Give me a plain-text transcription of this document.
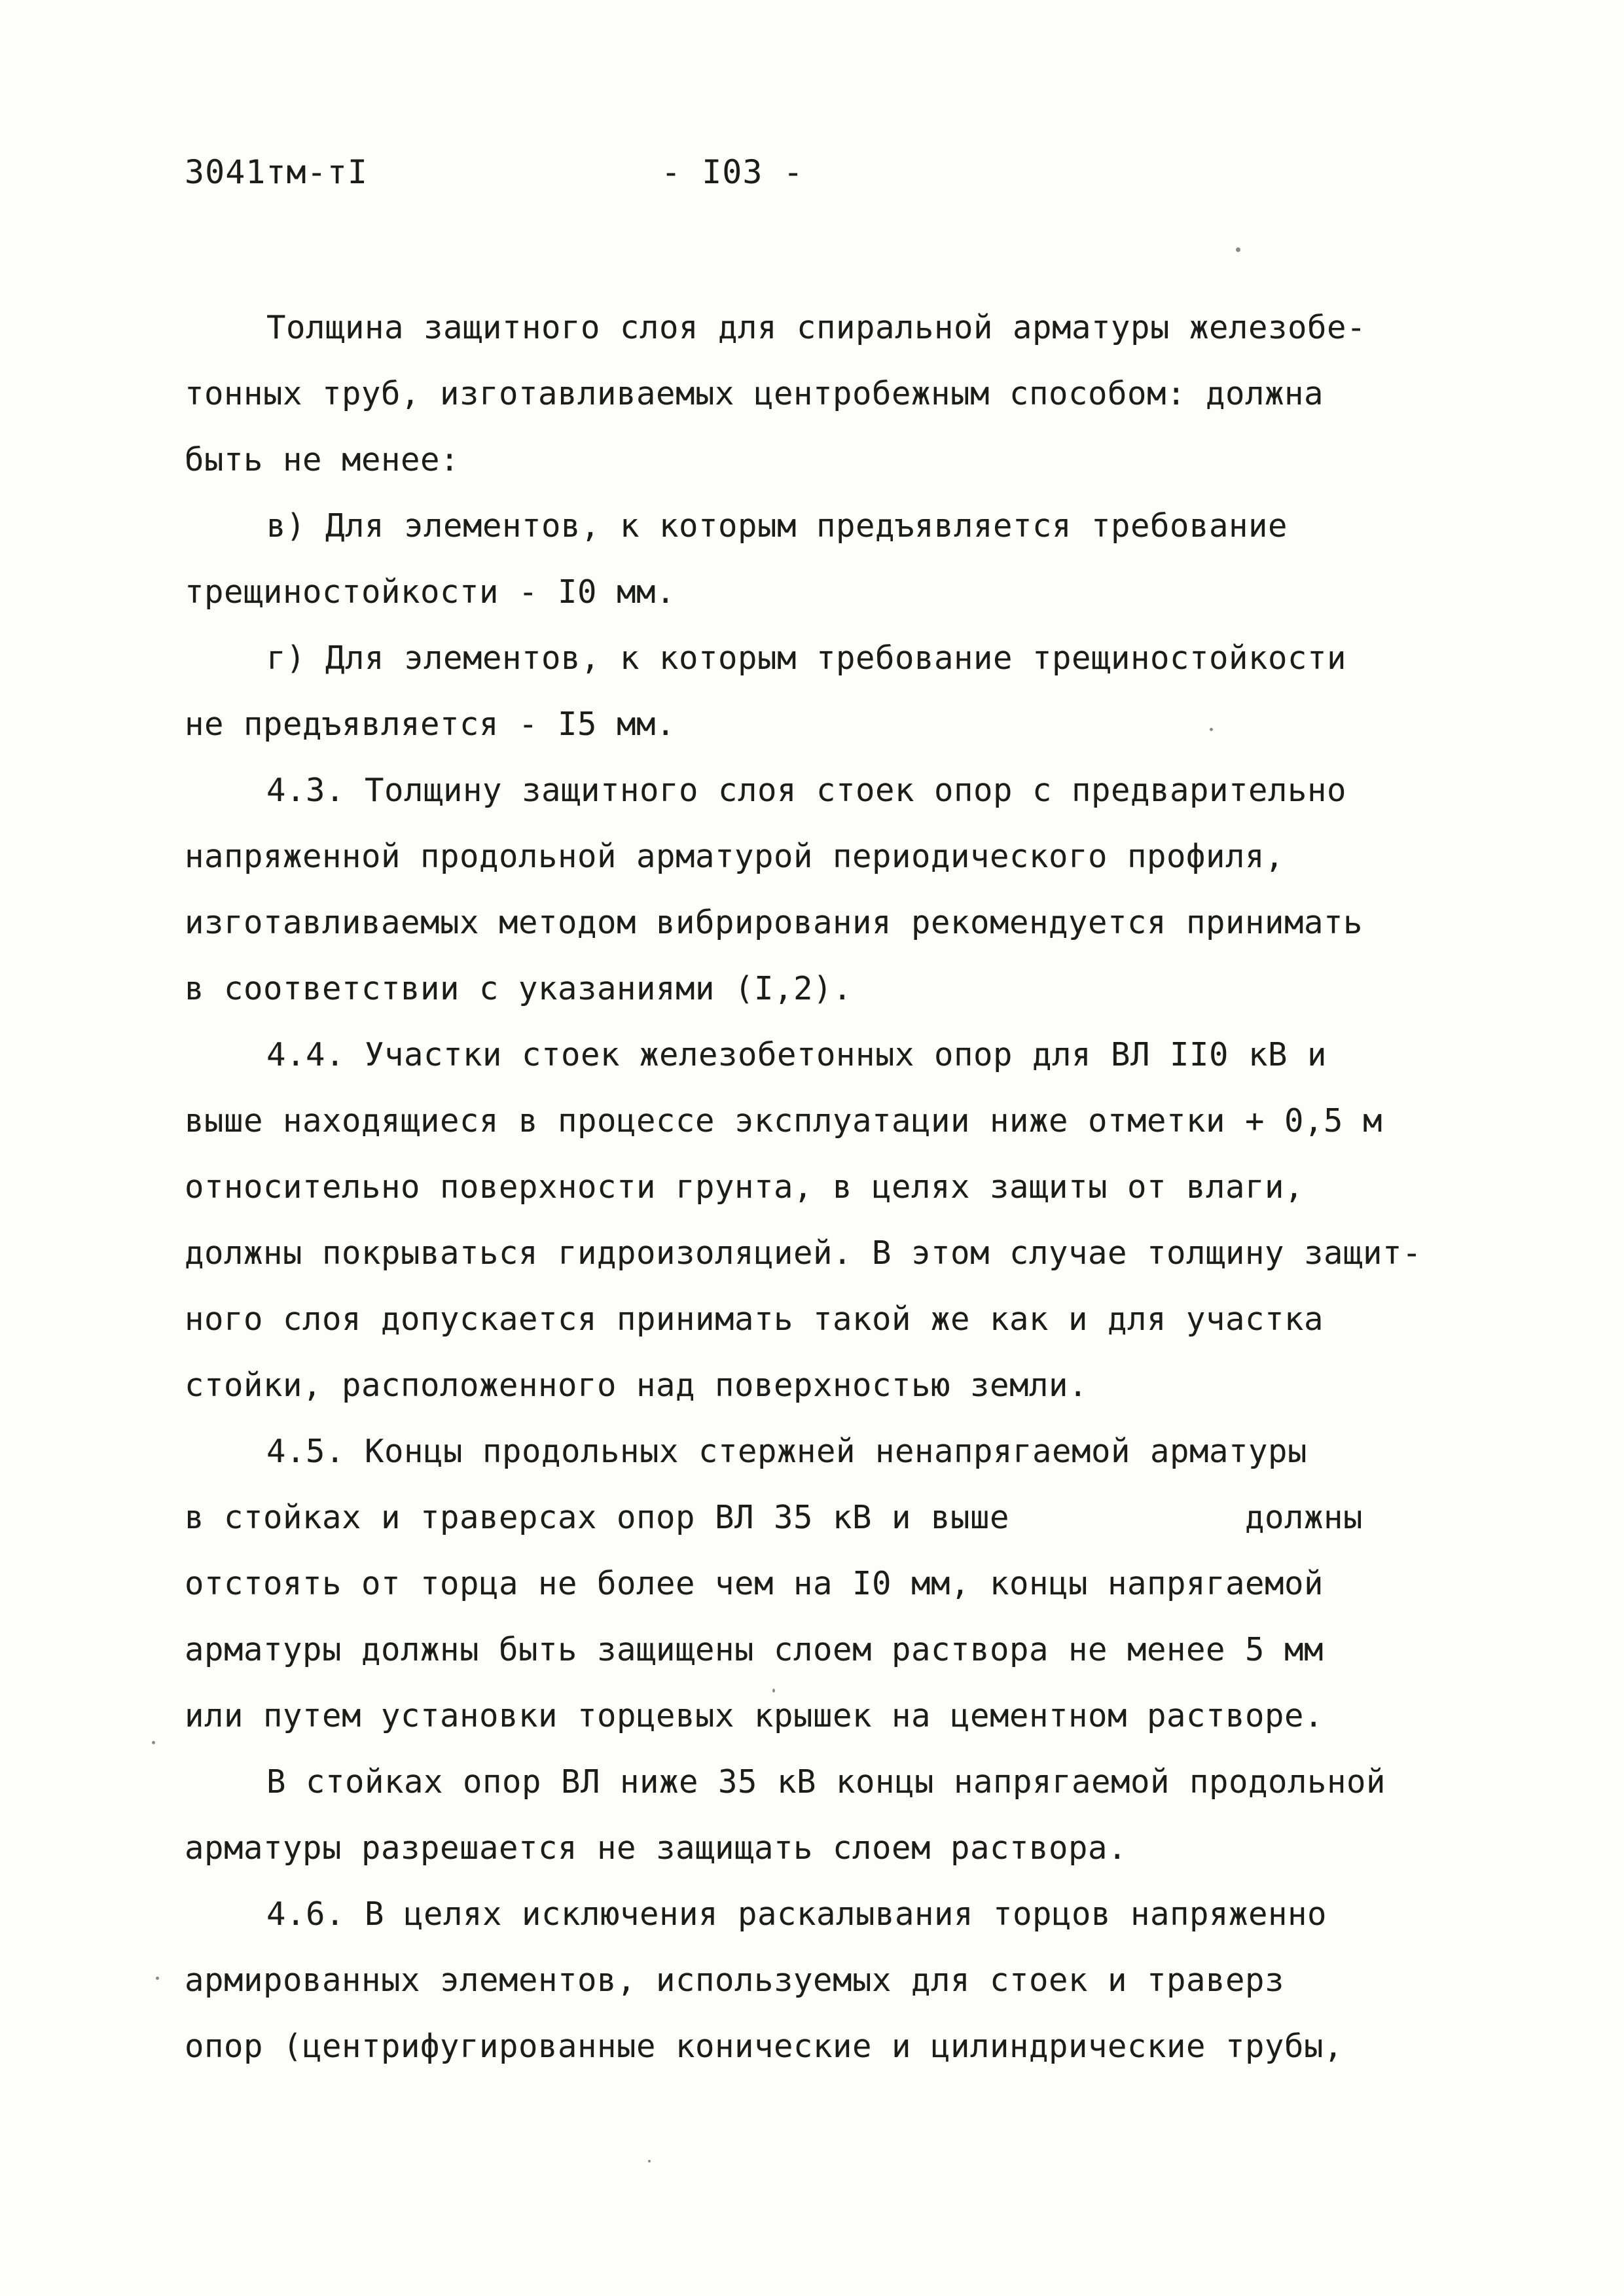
3041тм-тI	- I03 -
Толщина защитного слоя для спиральной арматуры железобе-
тонных труб, изготавливаемых центробежным способом: должна
быть не менее:
в) Для элементов, к которым предъявляется требование
трещиностойкости - I0 мм.
г) Для элементов, к которым требование трещиностойкости
не предъявляется - I5 мм.
4.3. Толщину защитного слоя стоек опор с предварительно
напряженной продольной арматурой периодического профиля,
изготавливаемых методом вибрирования рекомендуется принимать
в соответствии с указаниями (I,2).
4.4. Участки стоек железобетонных опор для ВЛ II0 кВ и
выше находящиеся в процессе эксплуатации ниже отметки + 0,5 м
относительно поверхности грунта, в целях защиты от влаги,
должны покрываться гидроизоляцией. В этом случае толщину защит-
ного слоя допускается принимать такой же как и для участка
стойки, расположенного над поверхностью земли.
4.5. Концы продольных стержней ненапрягаемой арматуры
в стойках и траверсах опор ВЛ 35 кВ и выше            должны
отстоять от торца не более чем на I0 мм, концы напрягаемой
арматуры должны быть защищены слоем раствора не менее 5 мм
или путем установки торцевых крышек на цементном растворе.
В стойках опор ВЛ ниже 35 кВ концы напрягаемой продольной
арматуры разрешается не защищать слоем раствора.
4.6. В целях исключения раскалывания торцов напряженно
армированных элементов, используемых для стоек и траверз
опор (центрифугированные конические и цилиндрические трубы,
